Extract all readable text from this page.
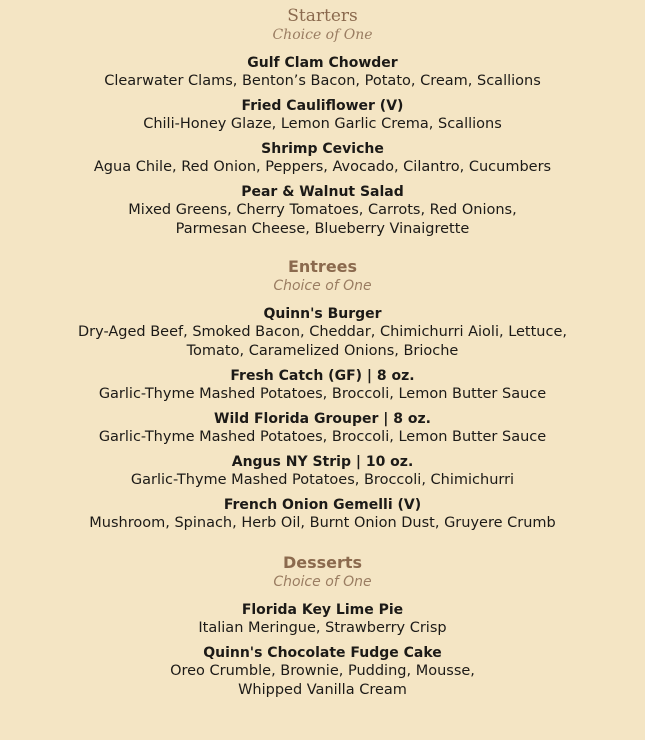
Starters
Choice of One
Gulf Clam Chowder
Clearwater Clams, Benton’s Bacon, Potato, Cream, Scallions
Fried Cauliflower (V)
Chili-Honey Glaze, Lemon Garlic Crema, Scallions
Shrimp Ceviche
Agua Chile, Red Onion, Peppers, Avocado, Cilantro, Cucumbers
Pear & Walnut Salad
Mixed Greens, Cherry Tomatoes, Carrots, Red Onions,
Parmesan Cheese, Blueberry Vinaigrette
Entrees
Choice of One
Quinn's Burger
Dry-Aged Beef, Smoked Bacon, Cheddar, Chimichurri Aioli, Lettuce,
Tomato, Caramelized Onions, Brioche
Fresh Catch (GF) | 8 oz.
Garlic-Thyme Mashed Potatoes, Broccoli, Lemon Butter Sauce
Wild Florida Grouper | 8 oz.
Garlic-Thyme Mashed Potatoes, Broccoli, Lemon Butter Sauce
Angus NY Strip | 10 oz.
Garlic-Thyme Mashed Potatoes, Broccoli, Chimichurri
French Onion Gemelli (V)
Mushroom, Spinach, Herb Oil, Burnt Onion Dust, Gruyere Crumb
Desserts
Choice of One
Florida Key Lime Pie
Italian Meringue, Strawberry Crisp
Quinn's Chocolate Fudge Cake
Oreo Crumble, Brownie, Pudding, Mousse,
Whipped Vanilla Cream
